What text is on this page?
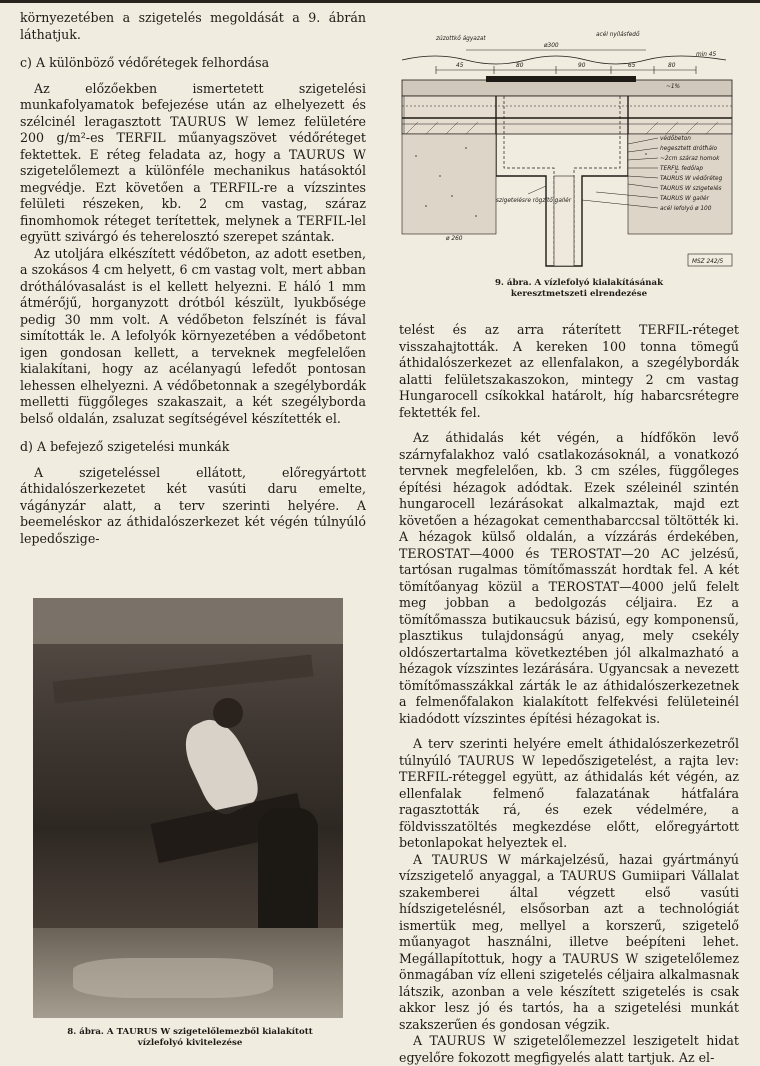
környezetében a szigetelés megoldását a 9. ábrán láthatjuk.

c) A különböző védőrétegek felhordása

Az előzőekben ismertetett szigetelési munkafolyamatok befejezése után az elhelyezett és szélcinél leragasztott TAURUS W lemez felületére 200 g/m²-es TERFIL műanyagszövet védőréteget fektettek. E réteg feladata az, hogy a TAURUS W szigetelőlemezt a különféle mechanikus hatásoktól megvédje. Ezt követően a TERFIL-re a vízszintes felületi részeken, kb. 2 cm vastag, száraz finomhomok réteget terítettek, melynek a TERFIL-lel együtt szivárgó és teherelosztó szerepet szántak.

Az utoljára elkészített védőbeton, az adott esetben, a szokásos 4 cm helyett, 6 cm vastag volt, mert abban dróthálóvasalást is el kellett helyezni. E háló 1 mm átmérőjű, horganyzott drótból készült, lyukbősége pedig 30 mm volt. A védőbeton felszínét is fával simították le. A lefolyók környezetében a védőbetont igen gondosan kellett, a terveknek megfelelően kialakítani, hogy az acélanyagú lefedőt pontosan lehessen elhelyezni. A védőbetonnak a szegélybordák melletti függőleges szakaszait, a két szegélyborda belső oldalán, zsaluzat segítségével készítették el.

d) A befejező szigetelési munkák

A szigeteléssel ellátott, előregyártott áthidalószerkezetet két vasúti daru emelte, vágányzár alatt, a terv szerinti helyére. A beemeléskor az áthidalószerkezet két végén túlnyúló lepedőszige-

8. ábra. A TAURUS W szigetelőlemezből kialakított
vízlefolyó kivitelezése
zúzottkő ágyazat
acél nyílásfedő
ø300
45	80	90	65	80
min 45
~1%
védőbeton
hegesztett dróthálo
~2cm száraz homok
TERFIL fedőlap
TAURUS W védőréteg
TAURUS W szigetelés
TAURUS W gallér
acél lefolyó ø 100
szigetelésre rögzítő gallér
ø 260
MSZ 242/5
9. ábra. A vízlefolyó kialakításának
keresztmetszeti elrendezése

telést és az arra ráterített TERFIL-réteget visszahajtották. A kereken 100 tonna tömegű áthidalószerkezet az ellenfalakon, a szegélybordák alatti felületszakaszokon, mintegy 2 cm vastag Hungarocell csíkokkal határolt, híg habarcsrétegre fektették fel.

Az áthidalás két végén, a hídfőkön levő szárnyfalakhoz való csatlakozásoknál, a vonatkozó tervnek megfelelően, kb. 3 cm széles, függőleges építési hézagok adódtak. Ezek széleinél szintén hungarocell lezárásokat alkalmaztak, majd ezt követően a hézagokat cementhabarccsal töltötték ki. A hézagok külső oldalán, a vízzárás érdekében, TEROSTAT—4000 és TEROSTAT—20 AC jelzésű, tartósan rugalmas tömítőmasszát hordtak fel. A két tömítőanyag közül a TEROSTAT—4000 jelű felelt meg jobban a bedolgozás céljaira. Ez a tömítőmassza butikaucsuk bázisú, egy komponensű, plasztikus tulajdonságú anyag, mely csekély oldószertartalma következtében jól alkalmazható a hézagok vízszintes lezárására. Ugyancsak a nevezett tömítőmasszákkal zárták le az áthidalószerkezetnek a felmenőfalakon kialakított felfekvési felületeinél kiadódott vízszintes építési hézagokat is.

A terv szerinti helyére emelt áthidalószerkezetről túlnyúló TAURUS W lepedőszigetelést, a rajta lev: TERFIL-réteggel együtt, az áthidalás két végén, az ellenfalak felmenő falazatának hátfalára ragasztották rá, és ezek védelmére, a földvisszatöltés megkezdése előtt, előregyártott betonlapokat helyeztek el.

A TAURUS W márkajelzésű, hazai gyártmányú vízszigetelő anyaggal, a TAURUS Gumiipari Vállalat szakemberei által végzett első vasúti hídszigetelésnél, elsősorban azt a technológiát ismertük meg, mellyel a korszerű, szigetelő műanyagot használni, illetve beépíteni lehet. Megállapítottuk, hogy a TAURUS W szigetelőlemez önmagában víz elleni szigetelés céljaira alkalmasnak látszik, azonban a vele készített szigetelés is csak akkor lesz jó és tartós, ha a szigetelési munkát szakszerűen és gondosan végzik.

A TAURUS W szigetelőlemezzel leszigetelt hidat egyelőre fokozott megfigyelés alatt tartjuk. Az el-
